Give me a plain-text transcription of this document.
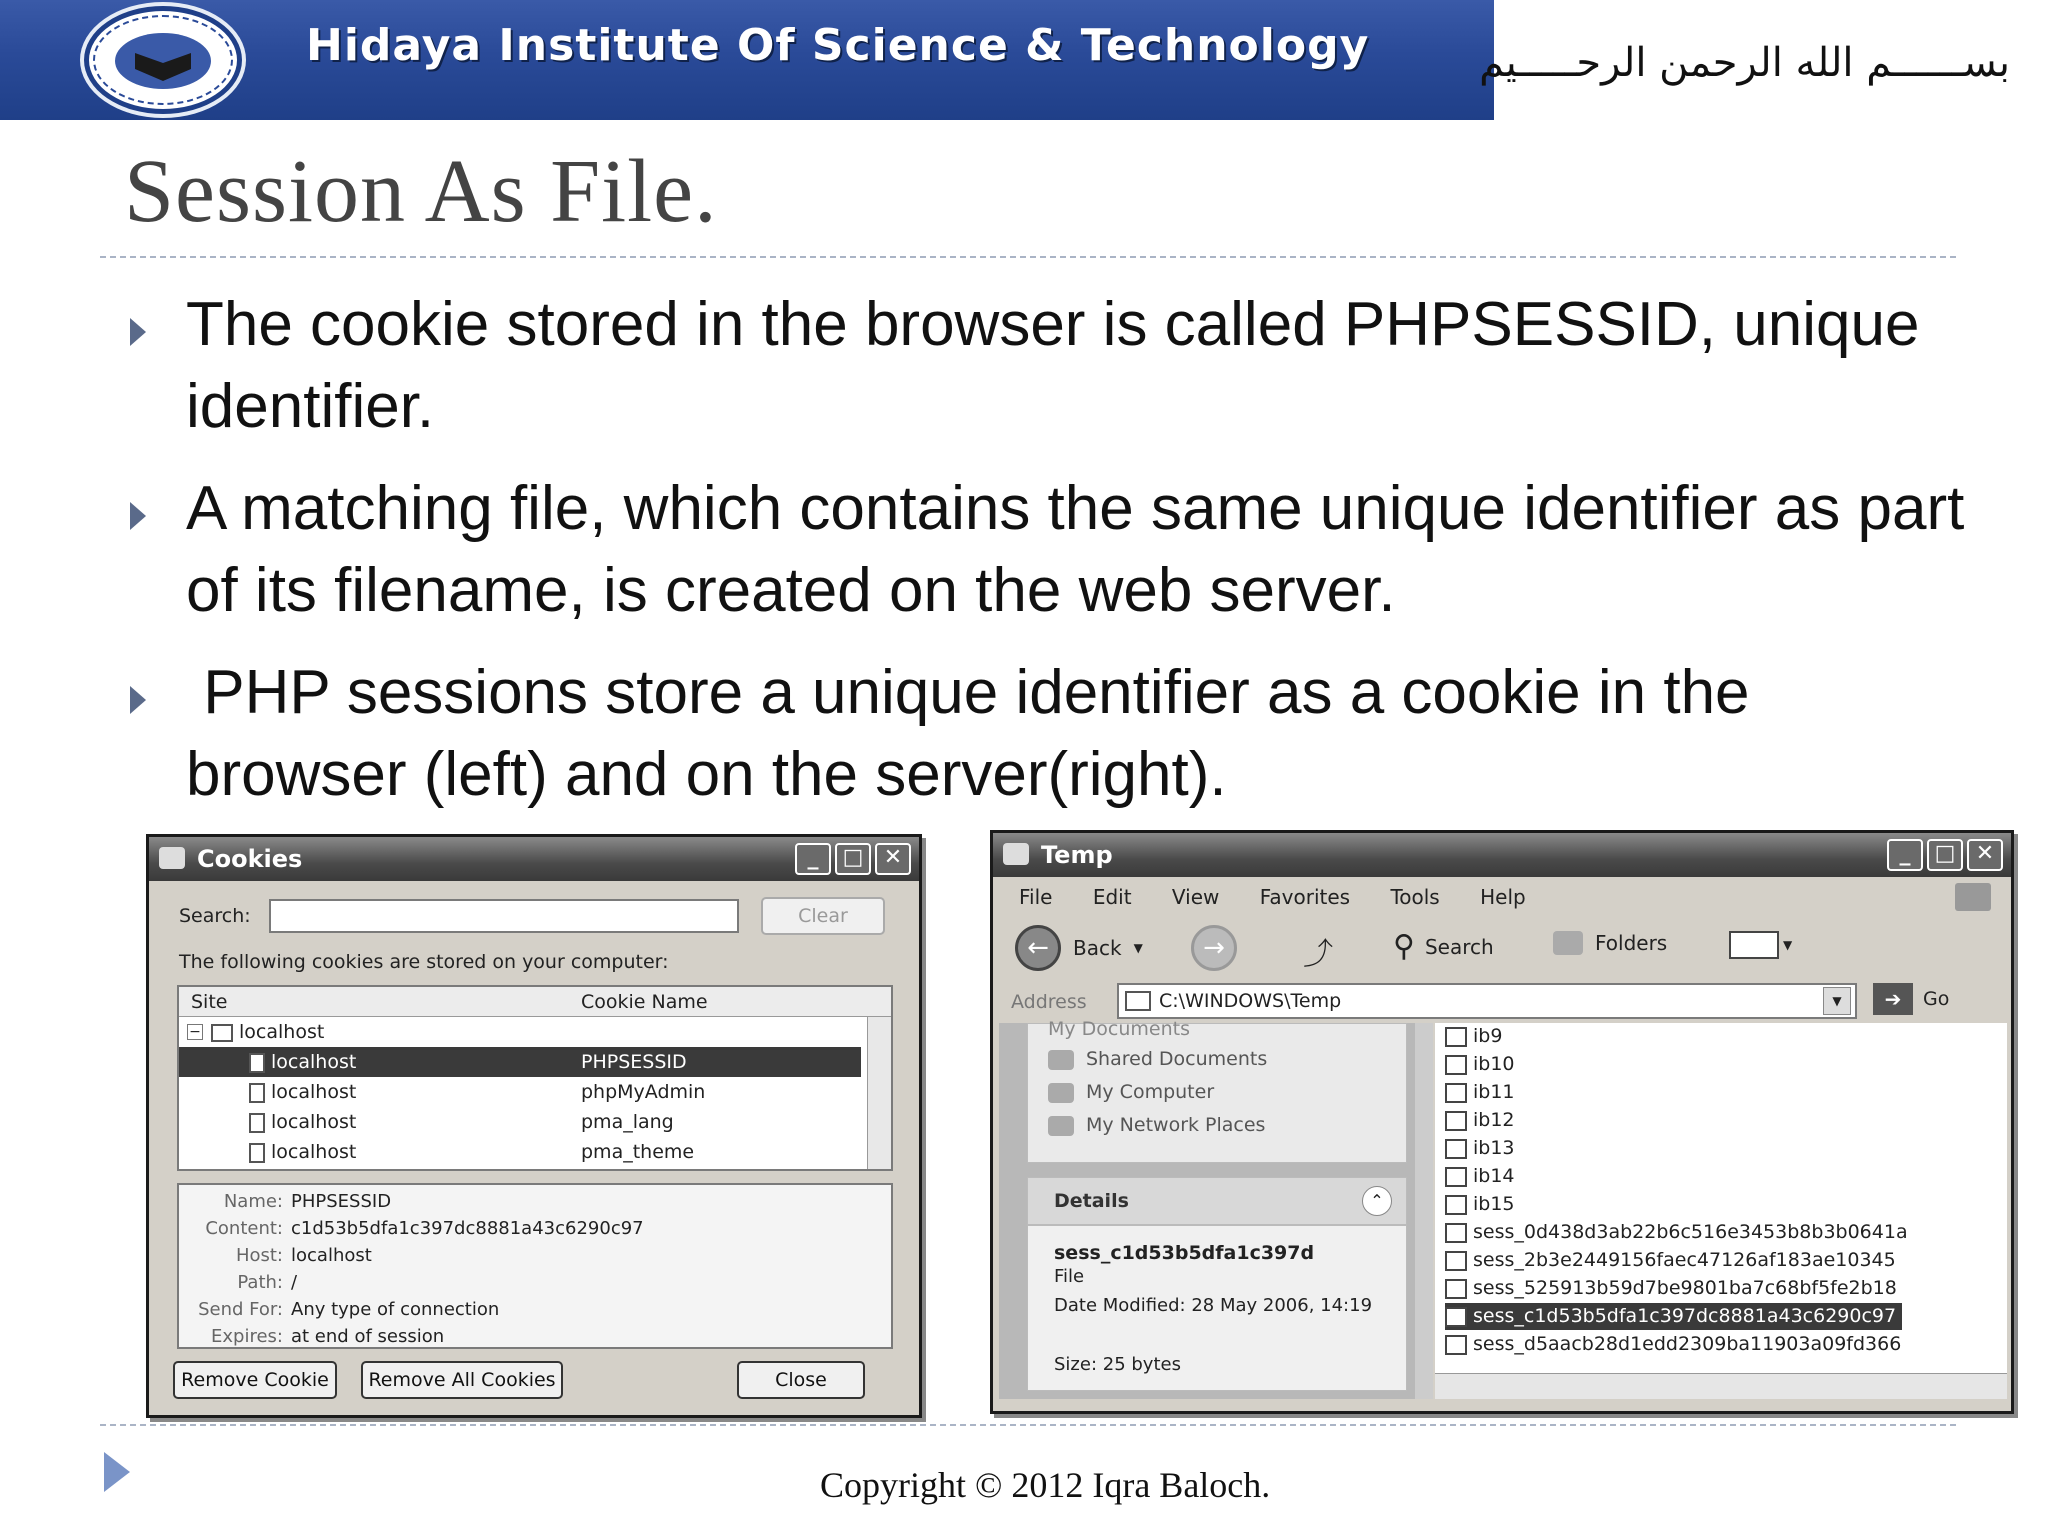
Hidaya Institute Of Science & Technology	بســــــم الله الرحمن الرحـــــيم
Session As File.
The cookie stored in the browser is called PHPSESSID, unique identifier.
A matching file, which contains the same unique identifier as part of its filename, is created on the web server.
PHP sessions store a unique identifier as a cookie in the browser (left) and on the server(right).
Cookies	_	□ ✕
Search:	Clear
The following cookies are stored on your computer:
Site	Cookie Name
−	localhost
localhost	PHPSESSID
localhost	phpMyAdmin
localhost	pma_lang
localhost	pma_theme
Name: PHPSESSID
Content: c1d53b5dfa1c397dc8881a43c6290c97
Host: localhost
Path: /
Send For: Any type of connection
Expires: at end of session
Remove Cookie	Remove All Cookies	Close
Temp	_	□ ✕
File Edit View Favorites Tools Help
←	Back ▼	→	⤴ ⚲ Search	Folders	▼
Address	C:\WINDOWS\Temp	▼	➔	Go
My Documents
Shared Documents
My Computer
My Network Places
Details	⌃
sess_c1d53b5dfa1c397d
File
Date Modified: 28 May 2006, 14:19
Size: 25 bytes
ib9
ib10
ib11
ib12
ib13
ib14
ib15
sess_0d438d3ab22b6c516e3453b8b3b0641a
sess_2b3e2449156faec47126af183ae10345
sess_525913b59d7be9801ba7c68bf5fe2b18
sess_c1d53b5dfa1c397dc8881a43c6290c97
sess_d5aacb28d1edd2309ba11903a09fd366
Copyright © 2012 Iqra Baloch.
